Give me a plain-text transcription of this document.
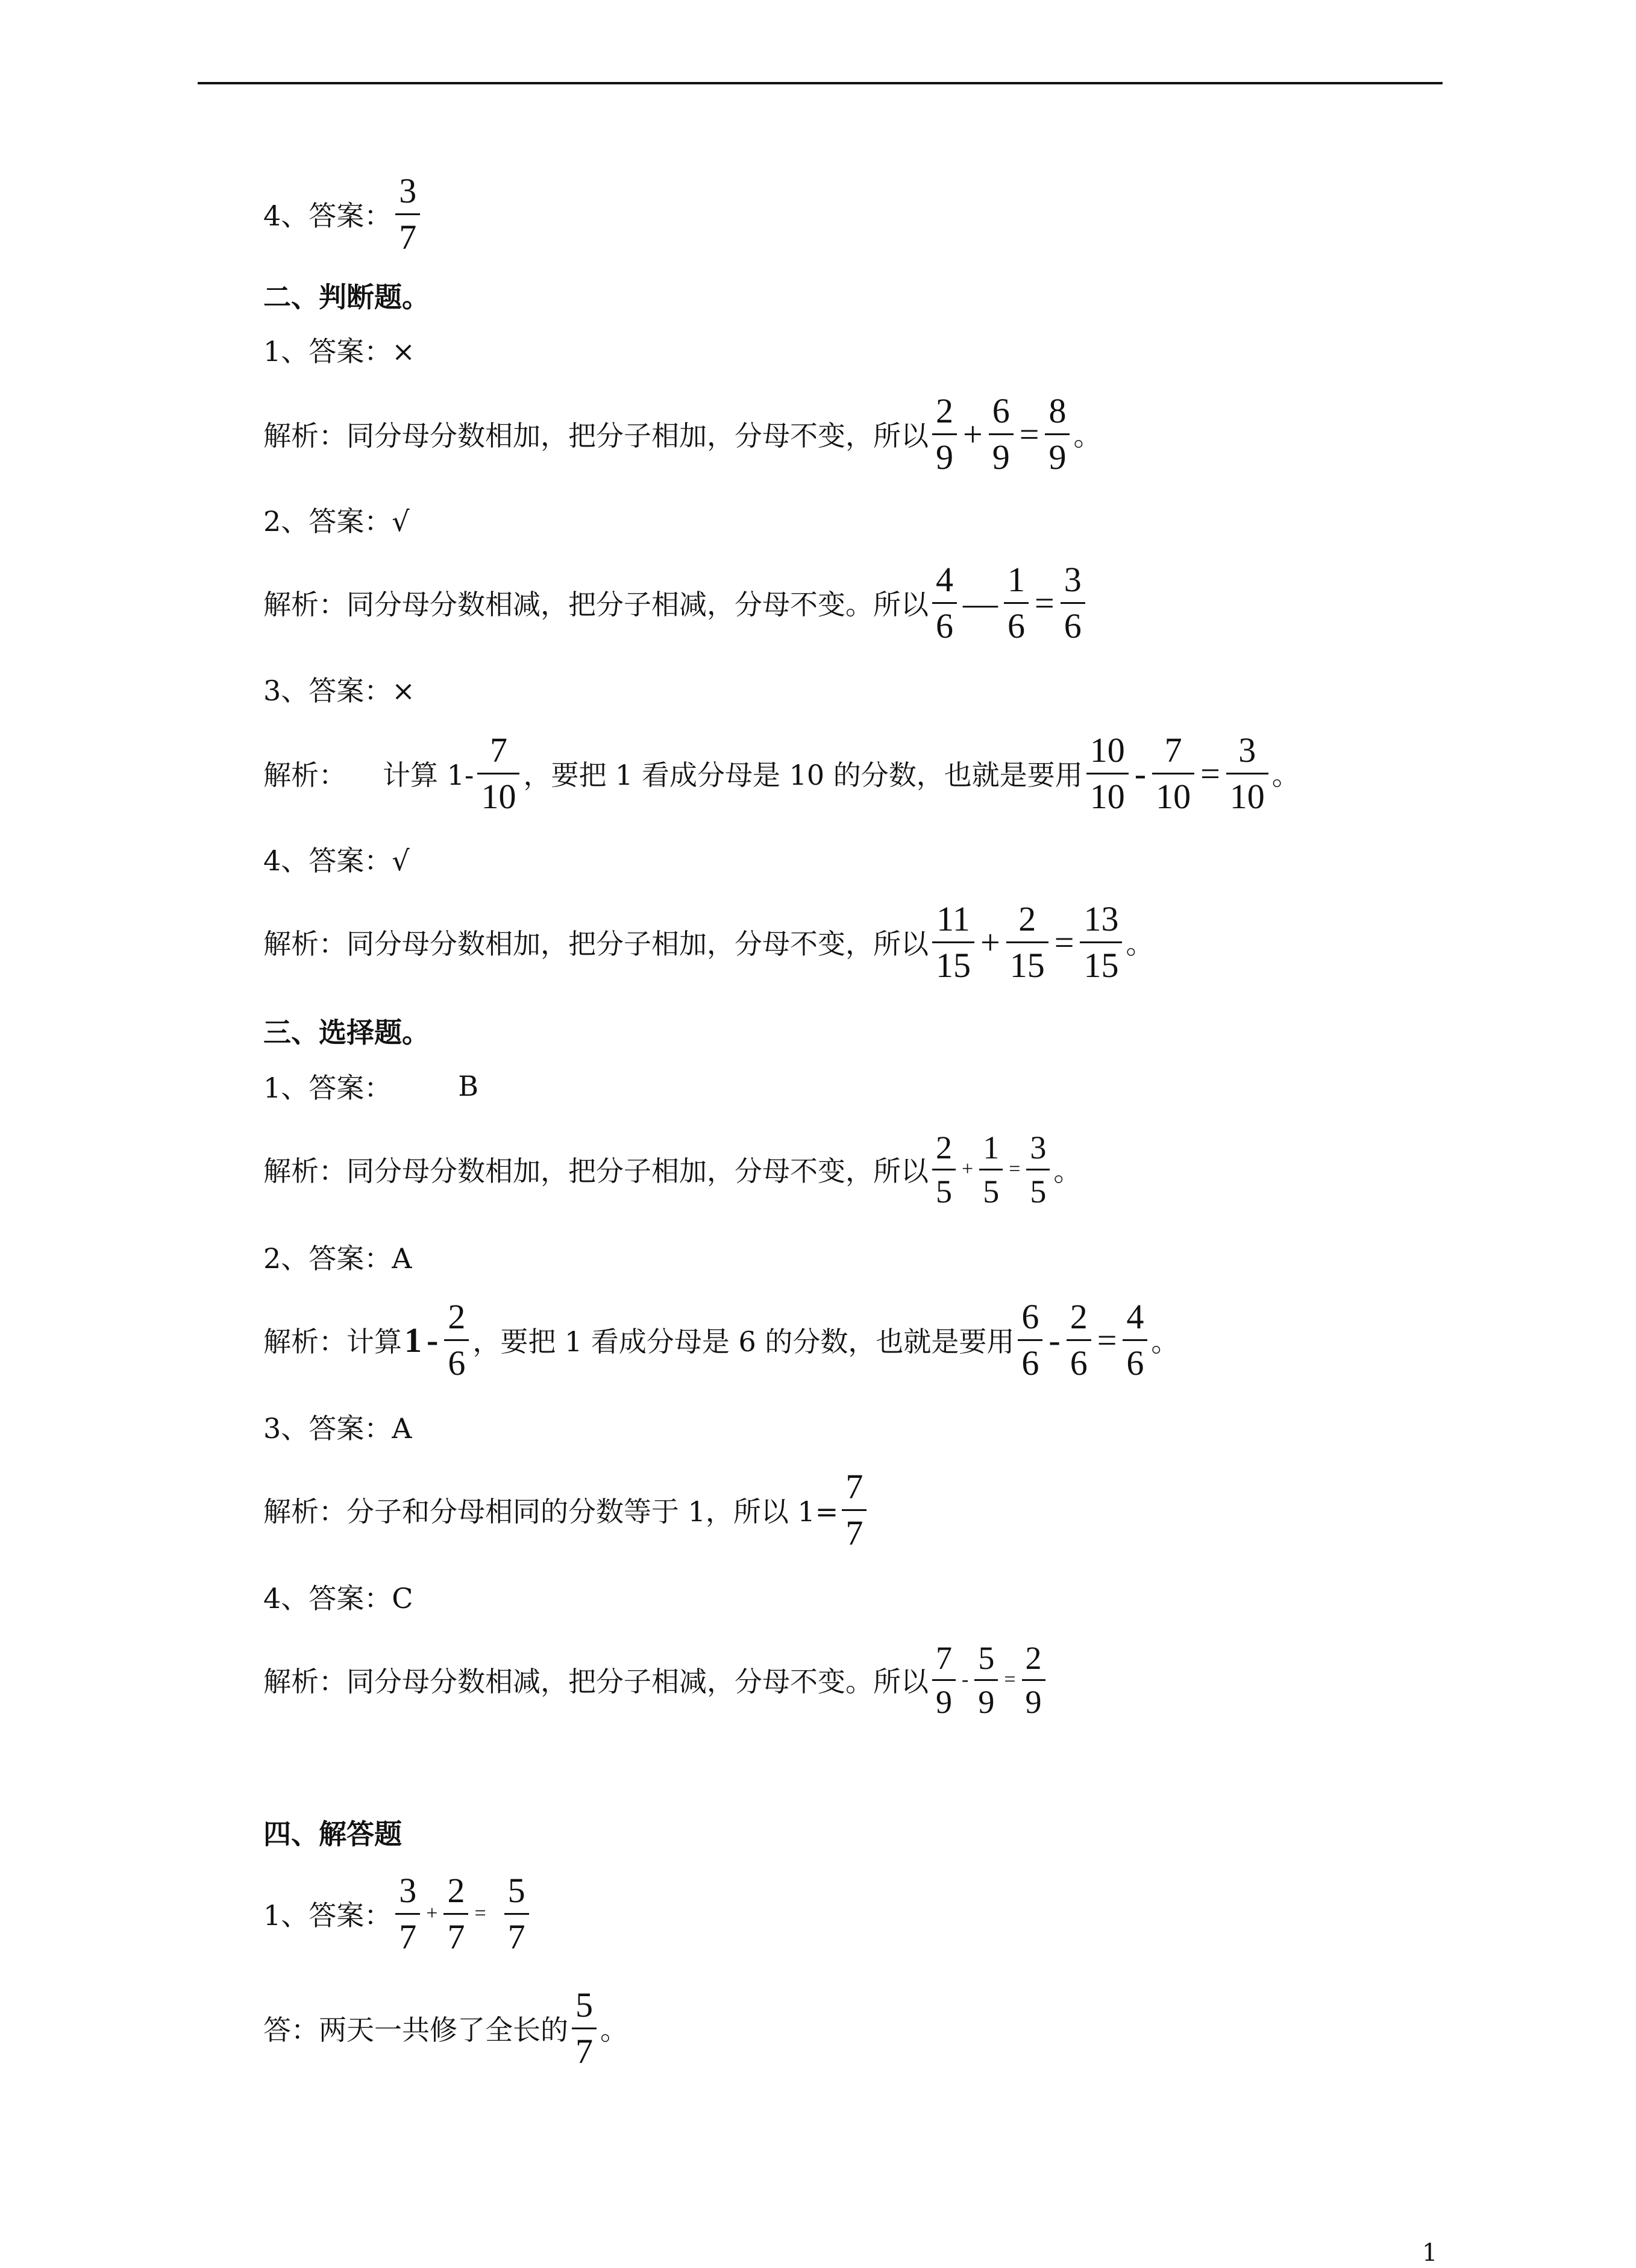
4、答案： $\frac{3}{7}$
二、判断题。
1、答案：×
解析：同分母分数相加，把分子相加，分母不变，所以 $\frac{2}{9} + \frac{6}{9} = \frac{8}{9}$ 。
2、答案：√
解析：同分母分数相减，把分子相减，分母不变。所以 $\frac{4}{6}$ — $\frac{1}{6} = \frac{3}{6}$
3、答案：×
解析： 计算 $1- \frac{7}{10}$ ，要把 1 看成分母是 10 的分数，也就是要用 $\frac{10}{10} - \frac{7}{10} = \frac{3}{10}$ 。
4、答案：√
解析：同分母分数相加，把分子相加，分母不变，所以 $\frac{11}{15} + \frac{2}{15} = \frac{13}{15}$ 。
三、选择题。
1、答案： B
解析：同分母分数相加，把分子相加，分母不变，所以 $\frac{2}{5} + \frac{1}{5} = \frac{3}{5}$ 。
2、答案：A
解析：计算 $1 - \frac{2}{6}$ ，要把 1 看成分母是 6 的分数，也就是要用 $\frac{6}{6} - \frac{2}{6} = \frac{4}{6}$ 。
3、答案：A
解析：分子和分母相同的分数等于 1，所以 $1= \frac{7}{7}$
4、答案：C
解析：同分母分数相减，把分子相减，分母不变。所以 $\frac{7}{9} - \frac{5}{9} = \frac{2}{9}$
四、解答题
1、答案： $\frac{3}{7} + \frac{2}{7} = \frac{5}{7}$
答：两天一共修了全长的 $\frac{5}{7}$ 。
1
